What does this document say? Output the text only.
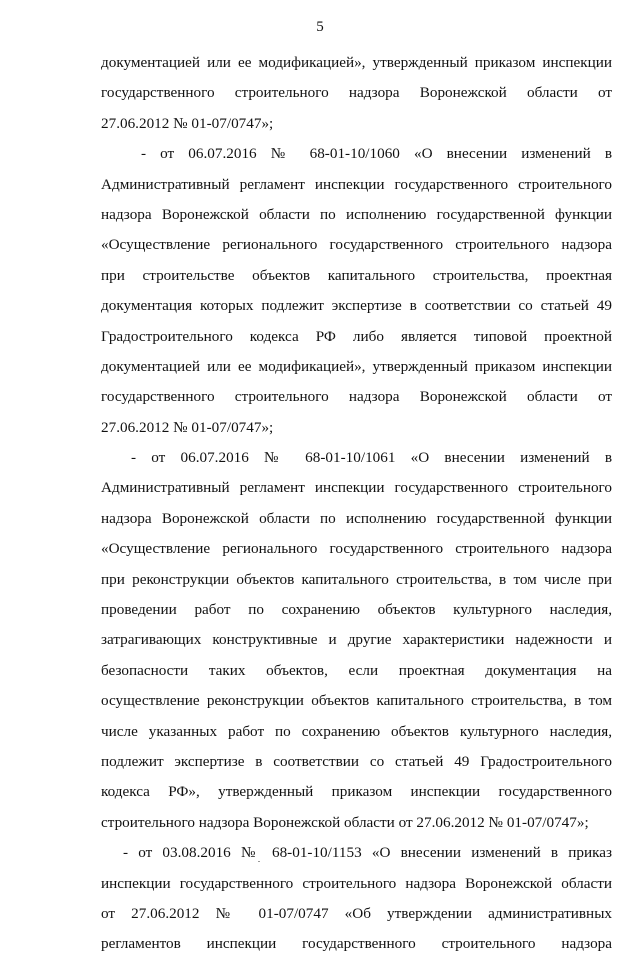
5
документацией или ее модификацией», утвержденный приказом инспекции
государственного строительного надзора Воронежской области от
27.06.2012 № 01-07/0747»;
- от 06.07.2016 № 68-01-10/1060 «О внесении изменений в
Административный регламент инспекции государственного строительного
надзора Воронежской области по исполнению государственной функции
«Осуществление регионального государственного строительного надзора
при строительстве объектов капитального строительства, проектная
документация которых подлежит экспертизе в соответствии со статьей 49
Градостроительного кодекса РФ либо является типовой проектной
документацией или ее модификацией», утвержденный приказом инспекции
государственного строительного надзора Воронежской области от
27.06.2012 № 01-07/0747»;
- от 06.07.2016 № 68-01-10/1061 «О внесении изменений в
Административный регламент инспекции государственного строительного
надзора Воронежской области по исполнению государственной функции
«Осуществление регионального государственного строительного надзора
при реконструкции объектов капитального строительства, в том числе при
проведении работ по сохранению объектов культурного наследия,
затрагивающих конструктивные и другие характеристики надежности и
безопасности таких объектов, если проектная документация на
осуществление реконструкции объектов капитального строительства, в том
числе указанных работ по сохранению объектов культурного наследия,
подлежит экспертизе в соответствии со статьей 49 Градостроительного
кодекса РФ», утвержденный приказом инспекции государственного
строительного надзора Воронежской области от 27.06.2012 № 01-07/0747»;
- от 03.08.2016 № 68-01-10/1153 «О внесении изменений в приказ
инспекции государственного строительного надзора Воронежской области
от 27.06.2012 № 01-07/0747 «Об утверждении административных
регламентов инспекции государственного строительного надзора
